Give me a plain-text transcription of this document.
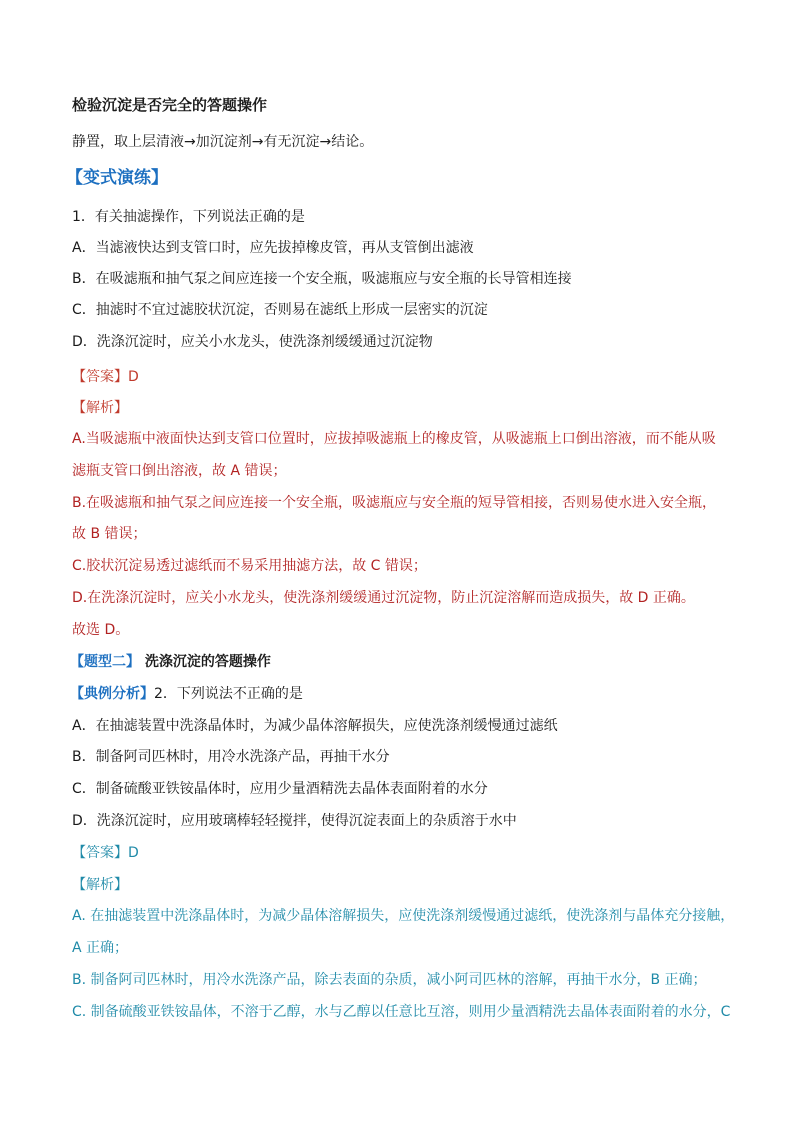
检验沉淀是否完全的答题操作
静置，取上层清液→加沉淀剂→有无沉淀→结论。
【变式演练】
1．有关抽滤操作，下列说法正确的是
A．当滤液快达到支管口时，应先拔掉橡皮管，再从支管倒出滤液
B．在吸滤瓶和抽气泵之间应连接一个安全瓶，吸滤瓶应与安全瓶的长导管相连接
C．抽滤时不宜过滤胶状沉淀，否则易在滤纸上形成一层密实的沉淀
D．洗涤沉淀时，应关小水龙头，使洗涤剂缓缓通过沉淀物
【答案】D
【解析】
A.当吸滤瓶中液面快达到支管口位置时，应拔掉吸滤瓶上的橡皮管，从吸滤瓶上口倒出溶液，而不能从吸
滤瓶支管口倒出溶液，故 A 错误；
B.在吸滤瓶和抽气泵之间应连接一个安全瓶，吸滤瓶应与安全瓶的短导管相接，否则易使水进入安全瓶，
故 B 错误；
C.胶状沉淀易透过滤纸而不易采用抽滤方法，故 C 错误；
D.在洗涤沉淀时，应关小水龙头，使洗涤剂缓缓通过沉淀物，防止沉淀溶解而造成损失，故 D 正确。
故选 D。
【题型二】 洗涤沉淀的答题操作
【典例分析】2．下列说法不正确的是
A．在抽滤装置中洗涤晶体时，为减少晶体溶解损失，应使洗涤剂缓慢通过滤纸
B．制备阿司匹林时，用冷水洗涤产品，再抽干水分
C．制备硫酸亚铁铵晶体时，应用少量酒精洗去晶体表面附着的水分
D．洗涤沉淀时，应用玻璃棒轻轻搅拌，使得沉淀表面上的杂质溶于水中
【答案】D
【解析】
A. 在抽滤装置中洗涤晶体时，为减少晶体溶解损失，应使洗涤剂缓慢通过滤纸，使洗涤剂与晶体充分接触，
A 正确；
B. 制备阿司匹林时，用冷水洗涤产品，除去表面的杂质，减小阿司匹林的溶解，再抽干水分，B 正确；
C. 制备硫酸亚铁铵晶体，不溶于乙醇，水与乙醇以任意比互溶，则用少量酒精洗去晶体表面附着的水分，C
